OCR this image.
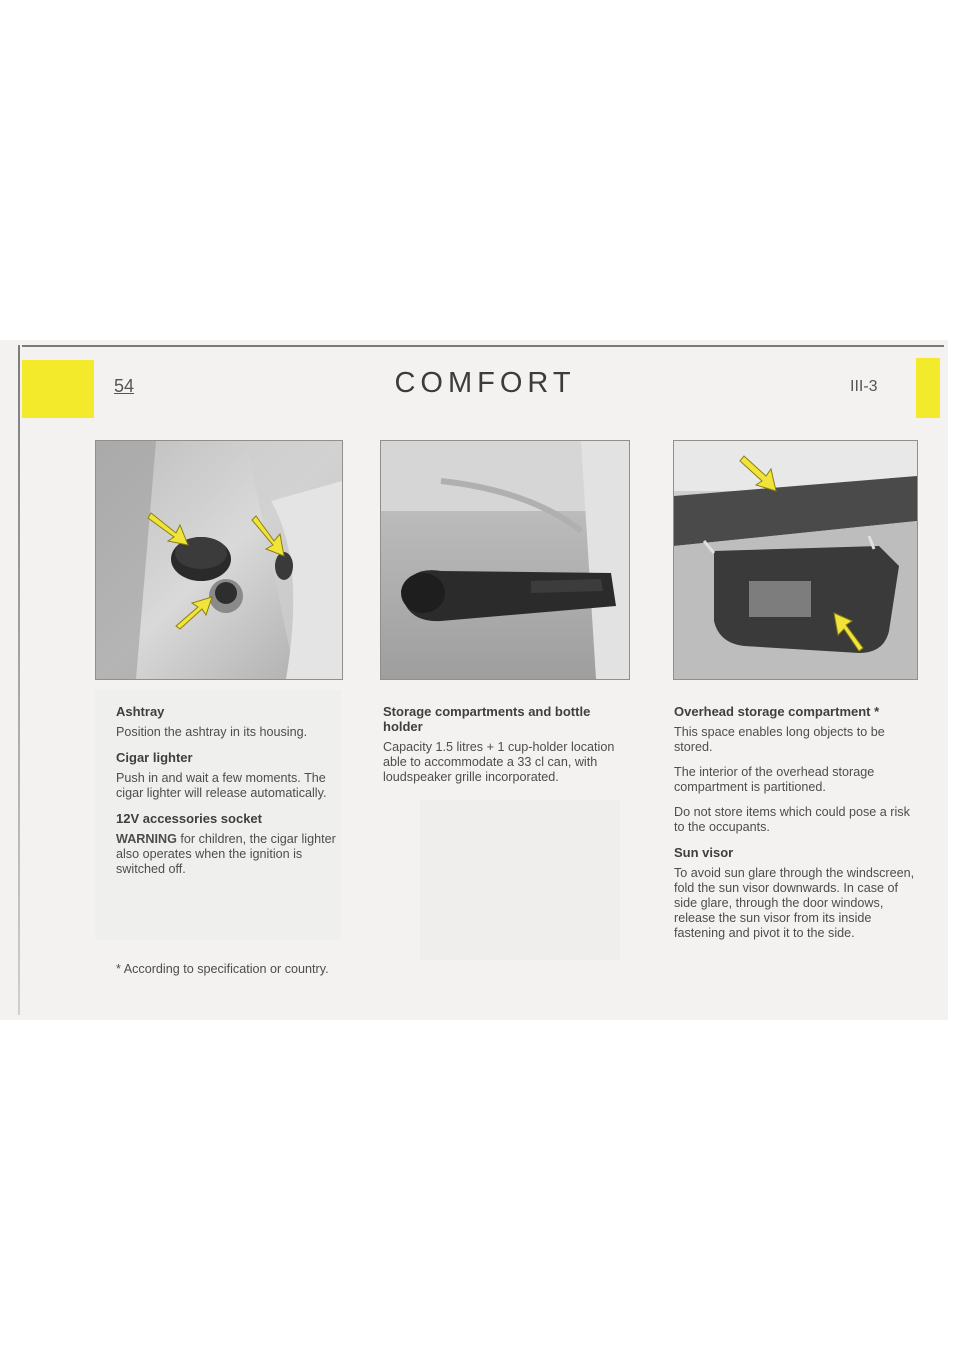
54	COMFORT	III-3
Ashtray

Position the ashtray in its housing.

Cigar lighter

Push in and wait a few moments. The cigar lighter will release automatically.

12V accessories socket

WARNING for children, the cigar lighter also operates when the ignition is switched off.

Storage compartments and bottle holder

Capacity 1.5 litres + 1 cup-holder location able to accommodate a 33 cl can, with loudspeaker grille incorporated.

Overhead storage compartment *

This space enables long objects to be stored.

The interior of the overhead storage compartment is partitioned.

Do not store items which could pose a risk to the occupants.

Sun visor

To avoid sun glare through the windscreen, fold the sun visor downwards. In case of side glare, through the door windows, release the sun visor from its inside fastening and pivot it to the side.

* According to specification or country.
